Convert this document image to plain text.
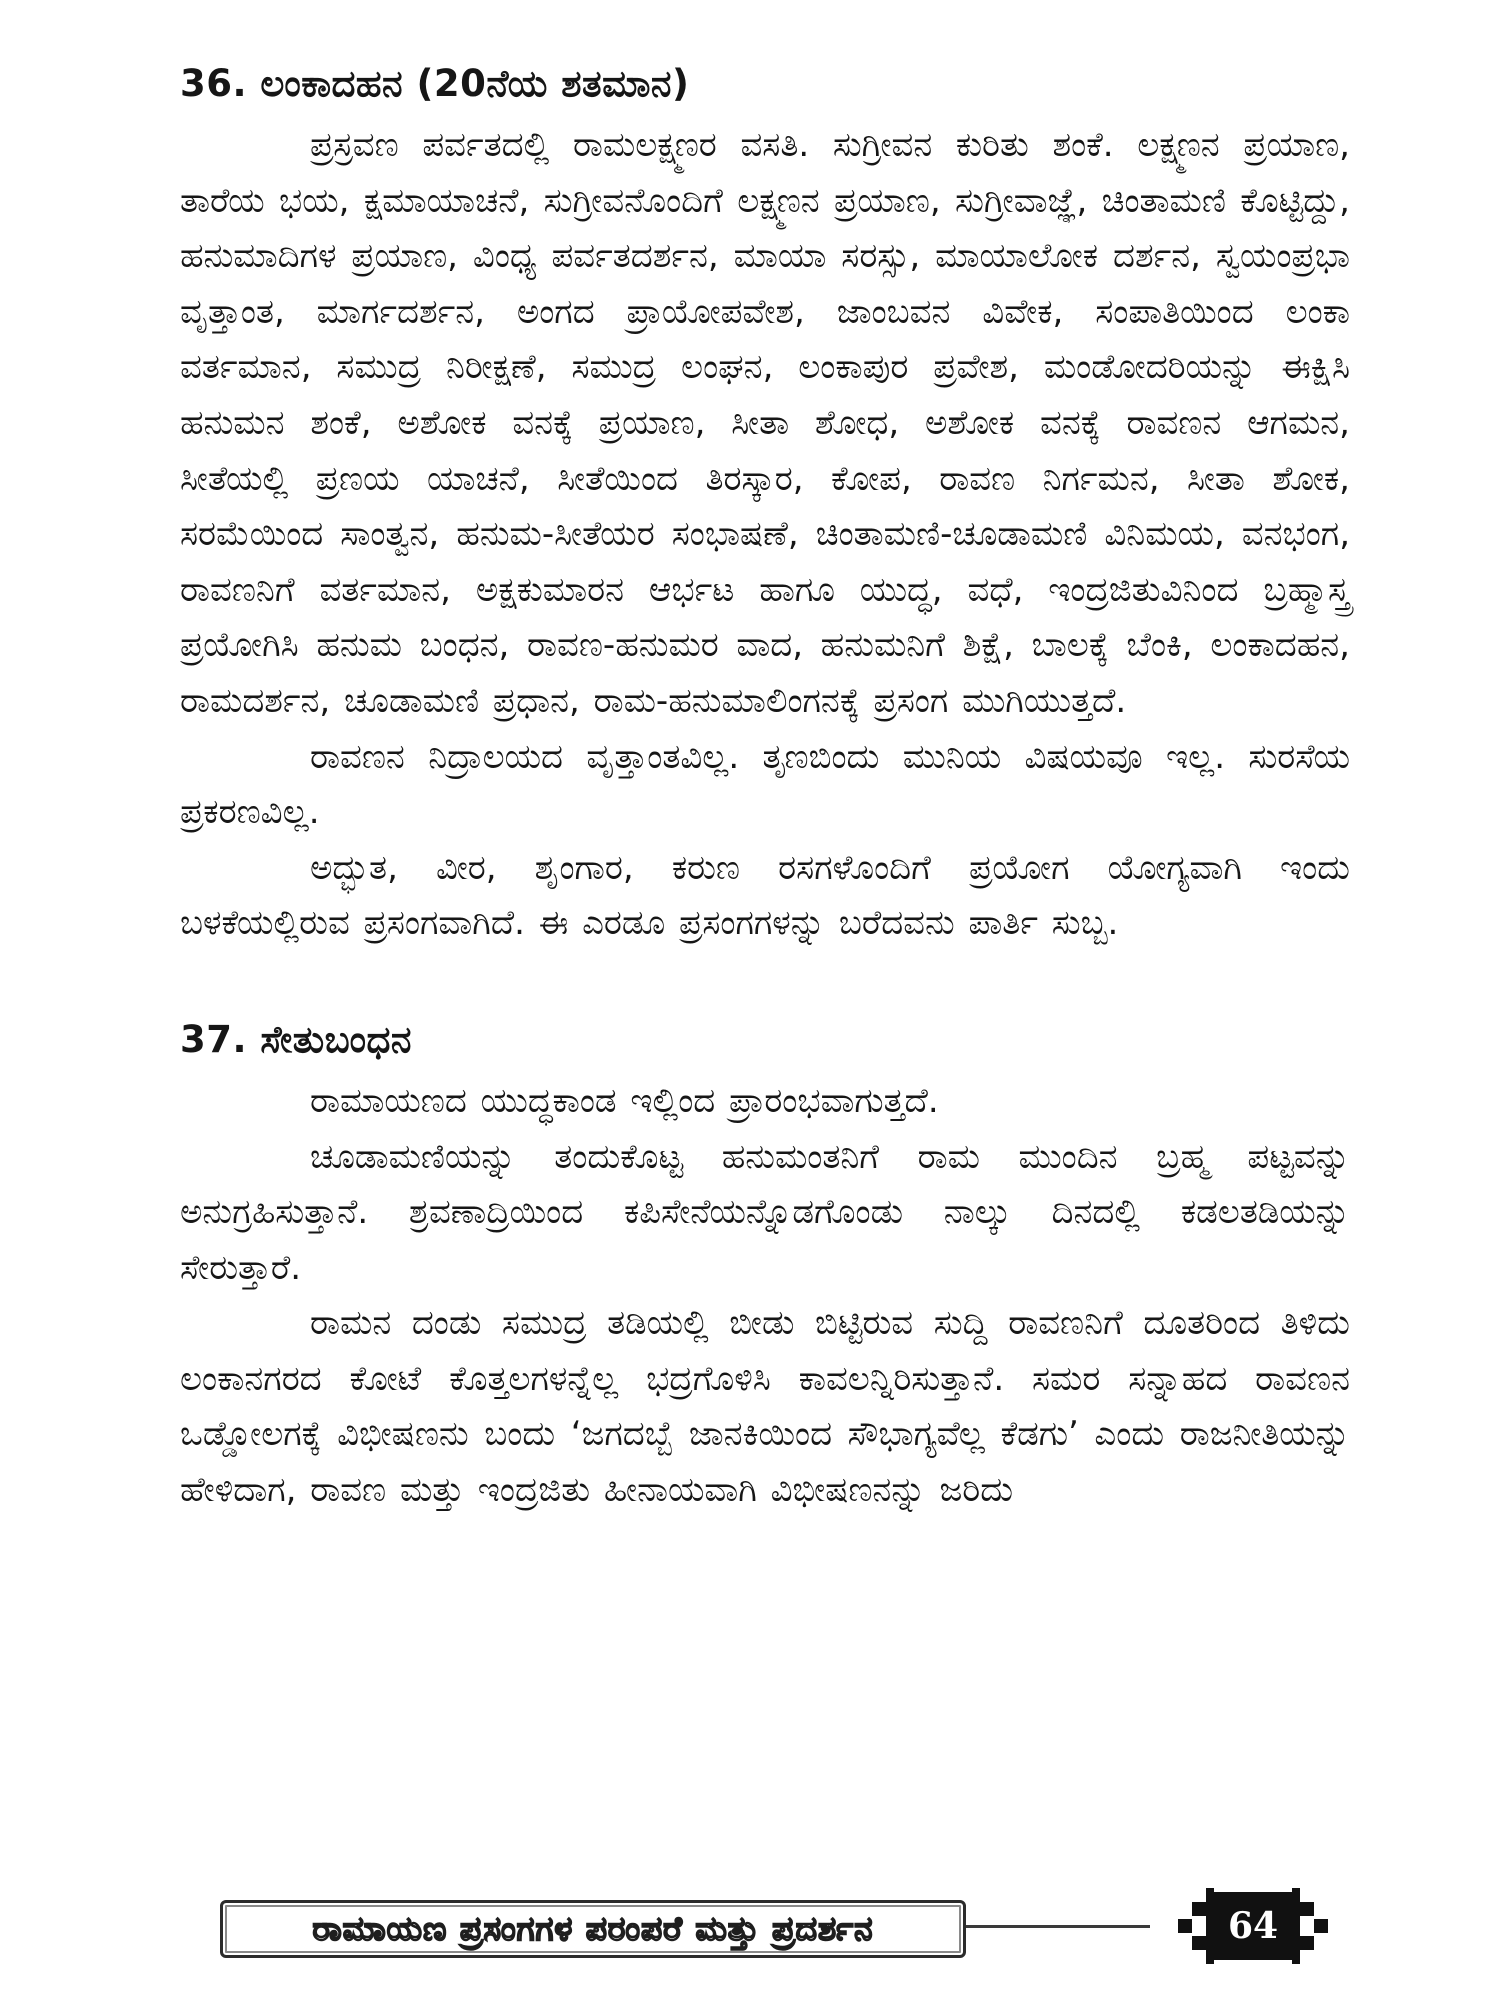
36. ಲಂಕಾದಹನ (20ನೆಯ ಶತಮಾನ)

ಪ್ರಸ್ರವಣ ಪರ್ವತದಲ್ಲಿ ರಾಮಲಕ್ಷ್ಮಣರ ವಸತಿ. ಸುಗ್ರೀವನ ಕುರಿತು ಶಂಕೆ. ಲಕ್ಷ್ಮಣನ ಪ್ರಯಾಣ, ತಾರೆಯ ಭಯ, ಕ್ಷಮಾಯಾಚನೆ, ಸುಗ್ರೀವನೊಂದಿಗೆ ಲಕ್ಷ್ಮಣನ ಪ್ರಯಾಣ, ಸುಗ್ರೀವಾಜ್ಞೆ, ಚಿಂತಾಮಣಿ ಕೊಟ್ಟಿದ್ದು, ಹನುಮಾದಿಗಳ ಪ್ರಯಾಣ, ವಿಂಧ್ಯ ಪರ್ವತದರ್ಶನ, ಮಾಯಾ ಸರಸ್ಸು, ಮಾಯಾಲೋಕ ದರ್ಶನ, ಸ್ವಯಂಪ್ರಭಾ ವೃತ್ತಾಂತ, ಮಾರ್ಗದರ್ಶನ, ಅಂಗದ ಪ್ರಾಯೋಪವೇಶ, ಜಾಂಬವನ ವಿವೇಕ, ಸಂಪಾತಿಯಿಂದ ಲಂಕಾ ವರ್ತಮಾನ, ಸಮುದ್ರ ನಿರೀಕ್ಷಣೆ, ಸಮುದ್ರ ಲಂಘನ, ಲಂಕಾಪುರ ಪ್ರವೇಶ, ಮಂಡೋದರಿಯನ್ನು ಈಕ್ಷಿಸಿ ಹನುಮನ ಶಂಕೆ, ಅಶೋಕ ವನಕ್ಕೆ ಪ್ರಯಾಣ, ಸೀತಾ ಶೋಧ, ಅಶೋಕ ವನಕ್ಕೆ ರಾವಣನ ಆಗಮನ, ಸೀತೆಯಲ್ಲಿ ಪ್ರಣಯ ಯಾಚನೆ, ಸೀತೆಯಿಂದ ತಿರಸ್ಕಾರ, ಕೋಪ, ರಾವಣ ನಿರ್ಗಮನ, ಸೀತಾ ಶೋಕ, ಸರಮೆಯಿಂದ ಸಾಂತ್ವನ, ಹನುಮ-ಸೀತೆಯರ ಸಂಭಾಷಣೆ, ಚಿಂತಾಮಣಿ-ಚೂಡಾಮಣಿ ವಿನಿಮಯ, ವನಭಂಗ, ರಾವಣನಿಗೆ ವರ್ತಮಾನ, ಅಕ್ಷಕುಮಾರನ ಆರ್ಭಟ ಹಾಗೂ ಯುದ್ಧ, ವಧೆ, ಇಂದ್ರಜಿತುವಿನಿಂದ ಬ್ರಹ್ಮಾಸ್ತ್ರ ಪ್ರಯೋಗಿಸಿ ಹನುಮ ಬಂಧನ, ರಾವಣ-ಹನುಮರ ವಾದ, ಹನುಮನಿಗೆ ಶಿಕ್ಷೆ, ಬಾಲಕ್ಕೆ ಬೆಂಕಿ, ಲಂಕಾದಹನ, ರಾಮದರ್ಶನ, ಚೂಡಾಮಣಿ ಪ್ರಧಾನ, ರಾಮ-ಹನುಮಾಲಿಂಗನಕ್ಕೆ ಪ್ರಸಂಗ ಮುಗಿಯುತ್ತದೆ.

ರಾವಣನ ನಿದ್ರಾಲಯದ ವೃತ್ತಾಂತವಿಲ್ಲ. ತೃಣಬಿಂದು ಮುನಿಯ ವಿಷಯವೂ ಇಲ್ಲ. ಸುರಸೆಯ ಪ್ರಕರಣವಿಲ್ಲ.

ಅದ್ಭುತ, ವೀರ, ಶೃಂಗಾರ, ಕರುಣ ರಸಗಳೊಂದಿಗೆ ಪ್ರಯೋಗ ಯೋಗ್ಯವಾಗಿ ಇಂದು ಬಳಕೆಯಲ್ಲಿರುವ ಪ್ರಸಂಗವಾಗಿದೆ. ಈ ಎರಡೂ ಪ್ರಸಂಗಗಳನ್ನು ಬರೆದವನು ಪಾರ್ತಿ ಸುಬ್ಬ.

37. ಸೇತುಬಂಧನ

ರಾಮಾಯಣದ ಯುದ್ಧಕಾಂಡ ಇಲ್ಲಿಂದ ಪ್ರಾರಂಭವಾಗುತ್ತದೆ.

ಚೂಡಾಮಣಿಯನ್ನು ತಂದುಕೊಟ್ಟ ಹನುಮಂತನಿಗೆ ರಾಮ ಮುಂದಿನ ಬ್ರಹ್ಮ ಪಟ್ಟವನ್ನು ಅನುಗ್ರಹಿಸುತ್ತಾನೆ. ಶ್ರವಣಾದ್ರಿಯಿಂದ ಕಪಿಸೇನೆಯನ್ನೊಡಗೊಂಡು ನಾಲ್ಕು ದಿನದಲ್ಲಿ ಕಡಲತಡಿಯನ್ನು ಸೇರುತ್ತಾರೆ.

ರಾಮನ ದಂಡು ಸಮುದ್ರ ತಡಿಯಲ್ಲಿ ಬೀಡು ಬಿಟ್ಟಿರುವ ಸುದ್ದಿ ರಾವಣನಿಗೆ ದೂತರಿಂದ ತಿಳಿದು ಲಂಕಾನಗರದ ಕೋಟೆ ಕೊತ್ತಲಗಳನ್ನೆಲ್ಲ ಭದ್ರಗೊಳಿಸಿ ಕಾವಲನ್ನಿರಿಸುತ್ತಾನೆ. ಸಮರ ಸನ್ನಾಹದ ರಾವಣನ ಒಡ್ಡೋಲಗಕ್ಕೆ ವಿಭೀಷಣನು ಬಂದು ‘ಜಗದಬ್ಬೆ ಜಾನಕಿಯಿಂದ ಸೌಭಾಗ್ಯವೆಲ್ಲ ಕೆಡಗು’ ಎಂದು ರಾಜನೀತಿಯನ್ನು ಹೇಳಿದಾಗ, ರಾವಣ ಮತ್ತು ಇಂದ್ರಜಿತು ಹೀನಾಯವಾಗಿ ವಿಭೀಷಣನನ್ನು ಜರಿದು

ರಾಮಾಯಣ ಪ್ರಸಂಗಗಳ ಪರಂಪರೆ ಮತ್ತು ಪ್ರದರ್ಶನ	64
